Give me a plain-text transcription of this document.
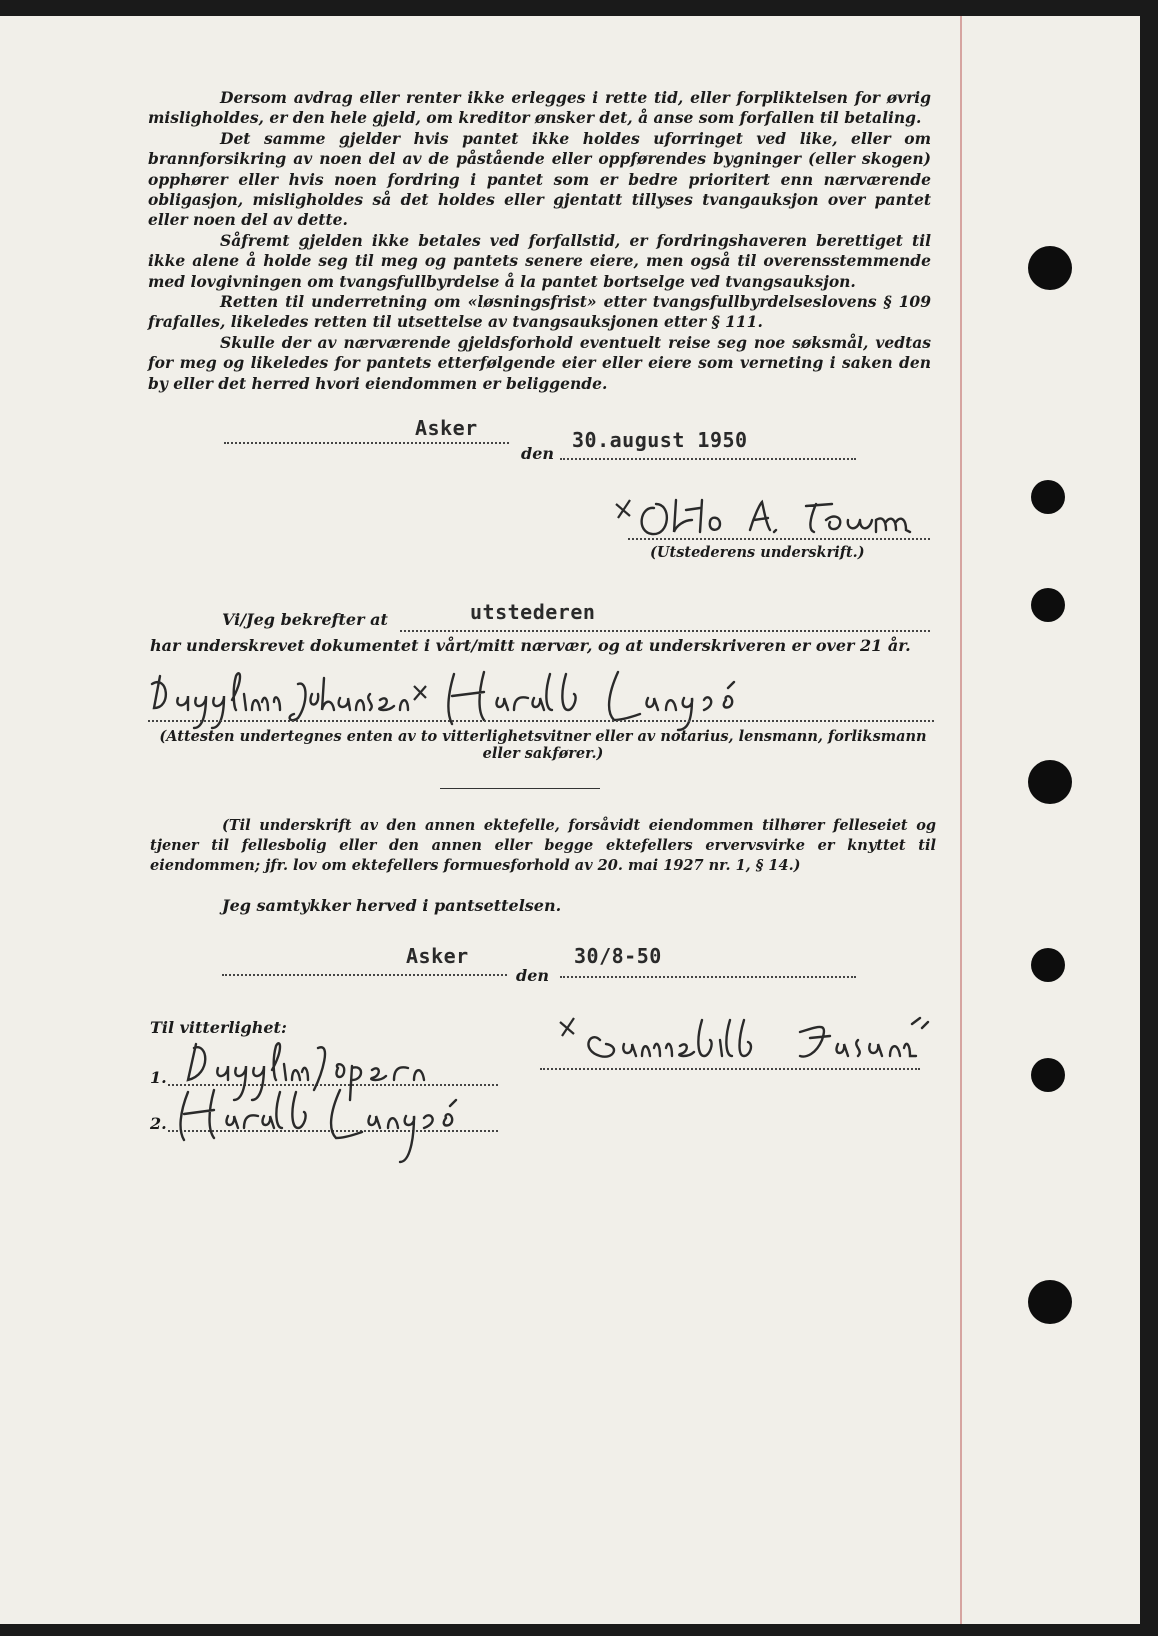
Dersom avdrag eller renter ikke erlegges i rette tid, eller forpliktelsen for øvrig misligholdes, er den hele gjeld, om kreditor ønsker det, å anse som forfallen til betaling.

Det samme gjelder hvis pantet ikke holdes uforringet ved like, eller om brannforsikring av noen del av de påstående eller oppførendes bygninger (eller skogen) opphører eller hvis noen fordring i pantet som er bedre prioritert enn nærværende obligasjon, misligholdes så det holdes eller gjentatt tillyses tvangauksjon over pantet eller noen del av dette.

Såfremt gjelden ikke betales ved forfallstid, er fordringshaveren berettiget til ikke alene å holde seg til meg og pantets senere eiere, men også til overensstemmende med lovgivningen om tvangsfullbyrdelse å la pantet bortselge ved tvangsauksjon.

Retten til underretning om «løsningsfrist» etter tvangsfullbyrdelseslovens § 109 frafalles, likeledes retten til utsettelse av tvangsauksjonen etter § 111.

Skulle der av nærværende gjeldsforhold eventuelt reise seg noe søksmål, vedtas for meg og likeledes for pantets etterfølgende eier eller eiere som verneting i saken den by eller det herred hvori eiendommen er beliggende.

Asker
den
30.august 1950
(Utstederens underskrift.)
Vi/Jeg bekrefter at	utstederen
har underskrevet dokumentet i vårt/mitt nærvær, og at underskriveren er over 21 år.
(Attesten undertegnes enten av to vitterlighetsvitner eller av notarius, lensmann, forliksmann eller sakfører.)
(Til underskrift av den annen ektefelle, forsåvidt eiendommen tilhører felleseiet og tjener til fellesbolig eller den annen eller begge ektefellers ervervsvirke er knyttet til eiendommen; jfr. lov om ektefellers formuesforhold av 20. mai 1927 nr. 1, § 14.)
Jeg samtykker herved i pantsettelsen.
Asker
den
30/8-50
Til vitterlighet:
1.
2.
